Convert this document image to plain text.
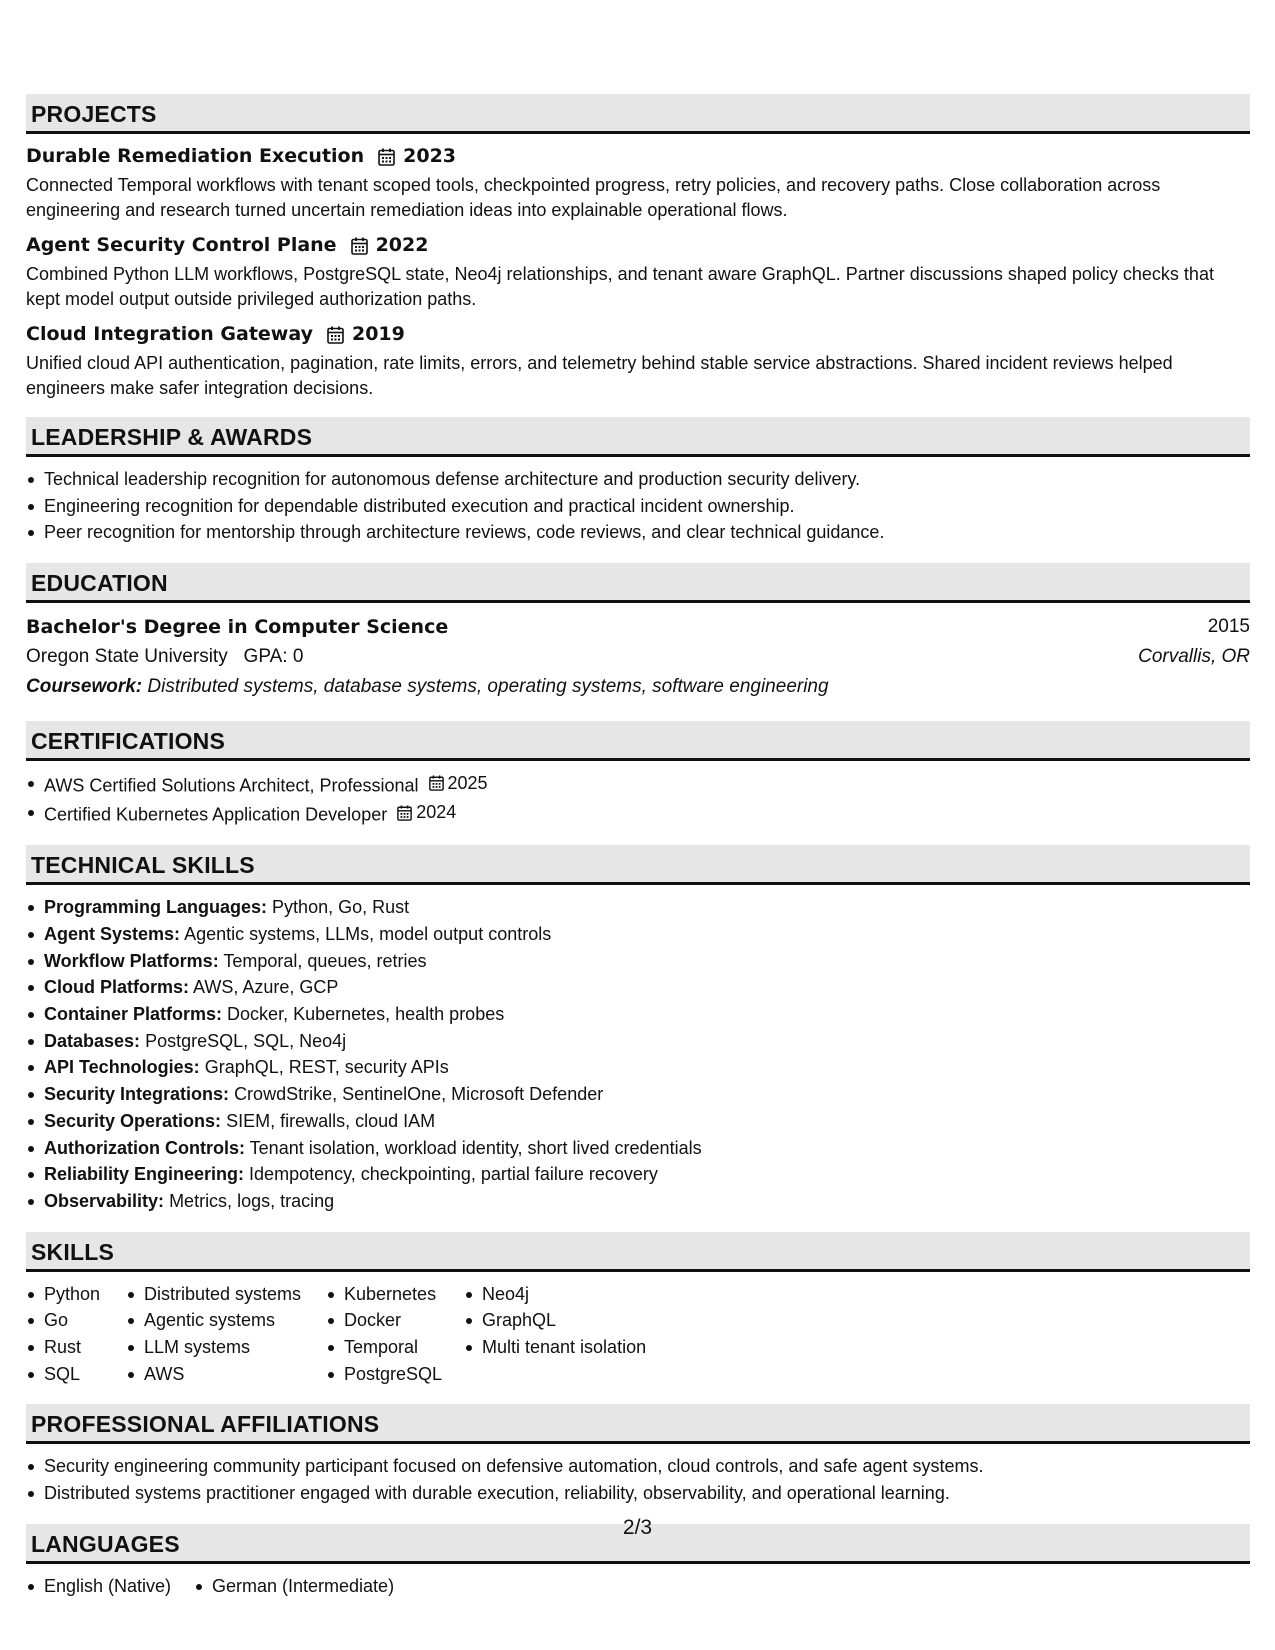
PROJECTS
Durable Remediation Execution 2023
Connected Temporal workflows with tenant scoped tools, checkpointed progress, retry policies, and recovery paths. Close collaboration across engineering and research turned uncertain remediation ideas into explainable operational flows.
Agent Security Control Plane 2022
Combined Python LLM workflows, PostgreSQL state, Neo4j relationships, and tenant aware GraphQL. Partner discussions shaped policy checks that kept model output outside privileged authorization paths.
Cloud Integration Gateway 2019
Unified cloud API authentication, pagination, rate limits, errors, and telemetry behind stable service abstractions. Shared incident reviews helped engineers make safer integration decisions.
LEADERSHIP & AWARDS
Technical leadership recognition for autonomous defense architecture and production security delivery.
Engineering recognition for dependable distributed execution and practical incident ownership.
Peer recognition for mentorship through architecture reviews, code reviews, and clear technical guidance.
EDUCATION
Bachelor's Degree in Computer Science	2015
Oregon State University GPA: 0	Corvallis, OR
Coursework: Distributed systems, database systems, operating systems, software engineering
CERTIFICATIONS
AWS Certified Solutions Architect, Professional 2025
Certified Kubernetes Application Developer 2024
TECHNICAL SKILLS
Programming Languages: Python, Go, Rust
Agent Systems: Agentic systems, LLMs, model output controls
Workflow Platforms: Temporal, queues, retries
Cloud Platforms: AWS, Azure, GCP
Container Platforms: Docker, Kubernetes, health probes
Databases: PostgreSQL, SQL, Neo4j
API Technologies: GraphQL, REST, security APIs
Security Integrations: CrowdStrike, SentinelOne, Microsoft Defender
Security Operations: SIEM, firewalls, cloud IAM
Authorization Controls: Tenant isolation, workload identity, short lived credentials
Reliability Engineering: Idempotency, checkpointing, partial failure recovery
Observability: Metrics, logs, tracing
SKILLS
Python
Go
Rust
SQL
Distributed systems
Agentic systems
LLM systems
AWS
Kubernetes
Docker
Temporal
PostgreSQL
Neo4j
GraphQL
Multi tenant isolation
PROFESSIONAL AFFILIATIONS
Security engineering community participant focused on defensive automation, cloud controls, and safe agent systems.
Distributed systems practitioner engaged with durable execution, reliability, observability, and operational learning.
LANGUAGES
English (Native)	German (Intermediate)
2/3
